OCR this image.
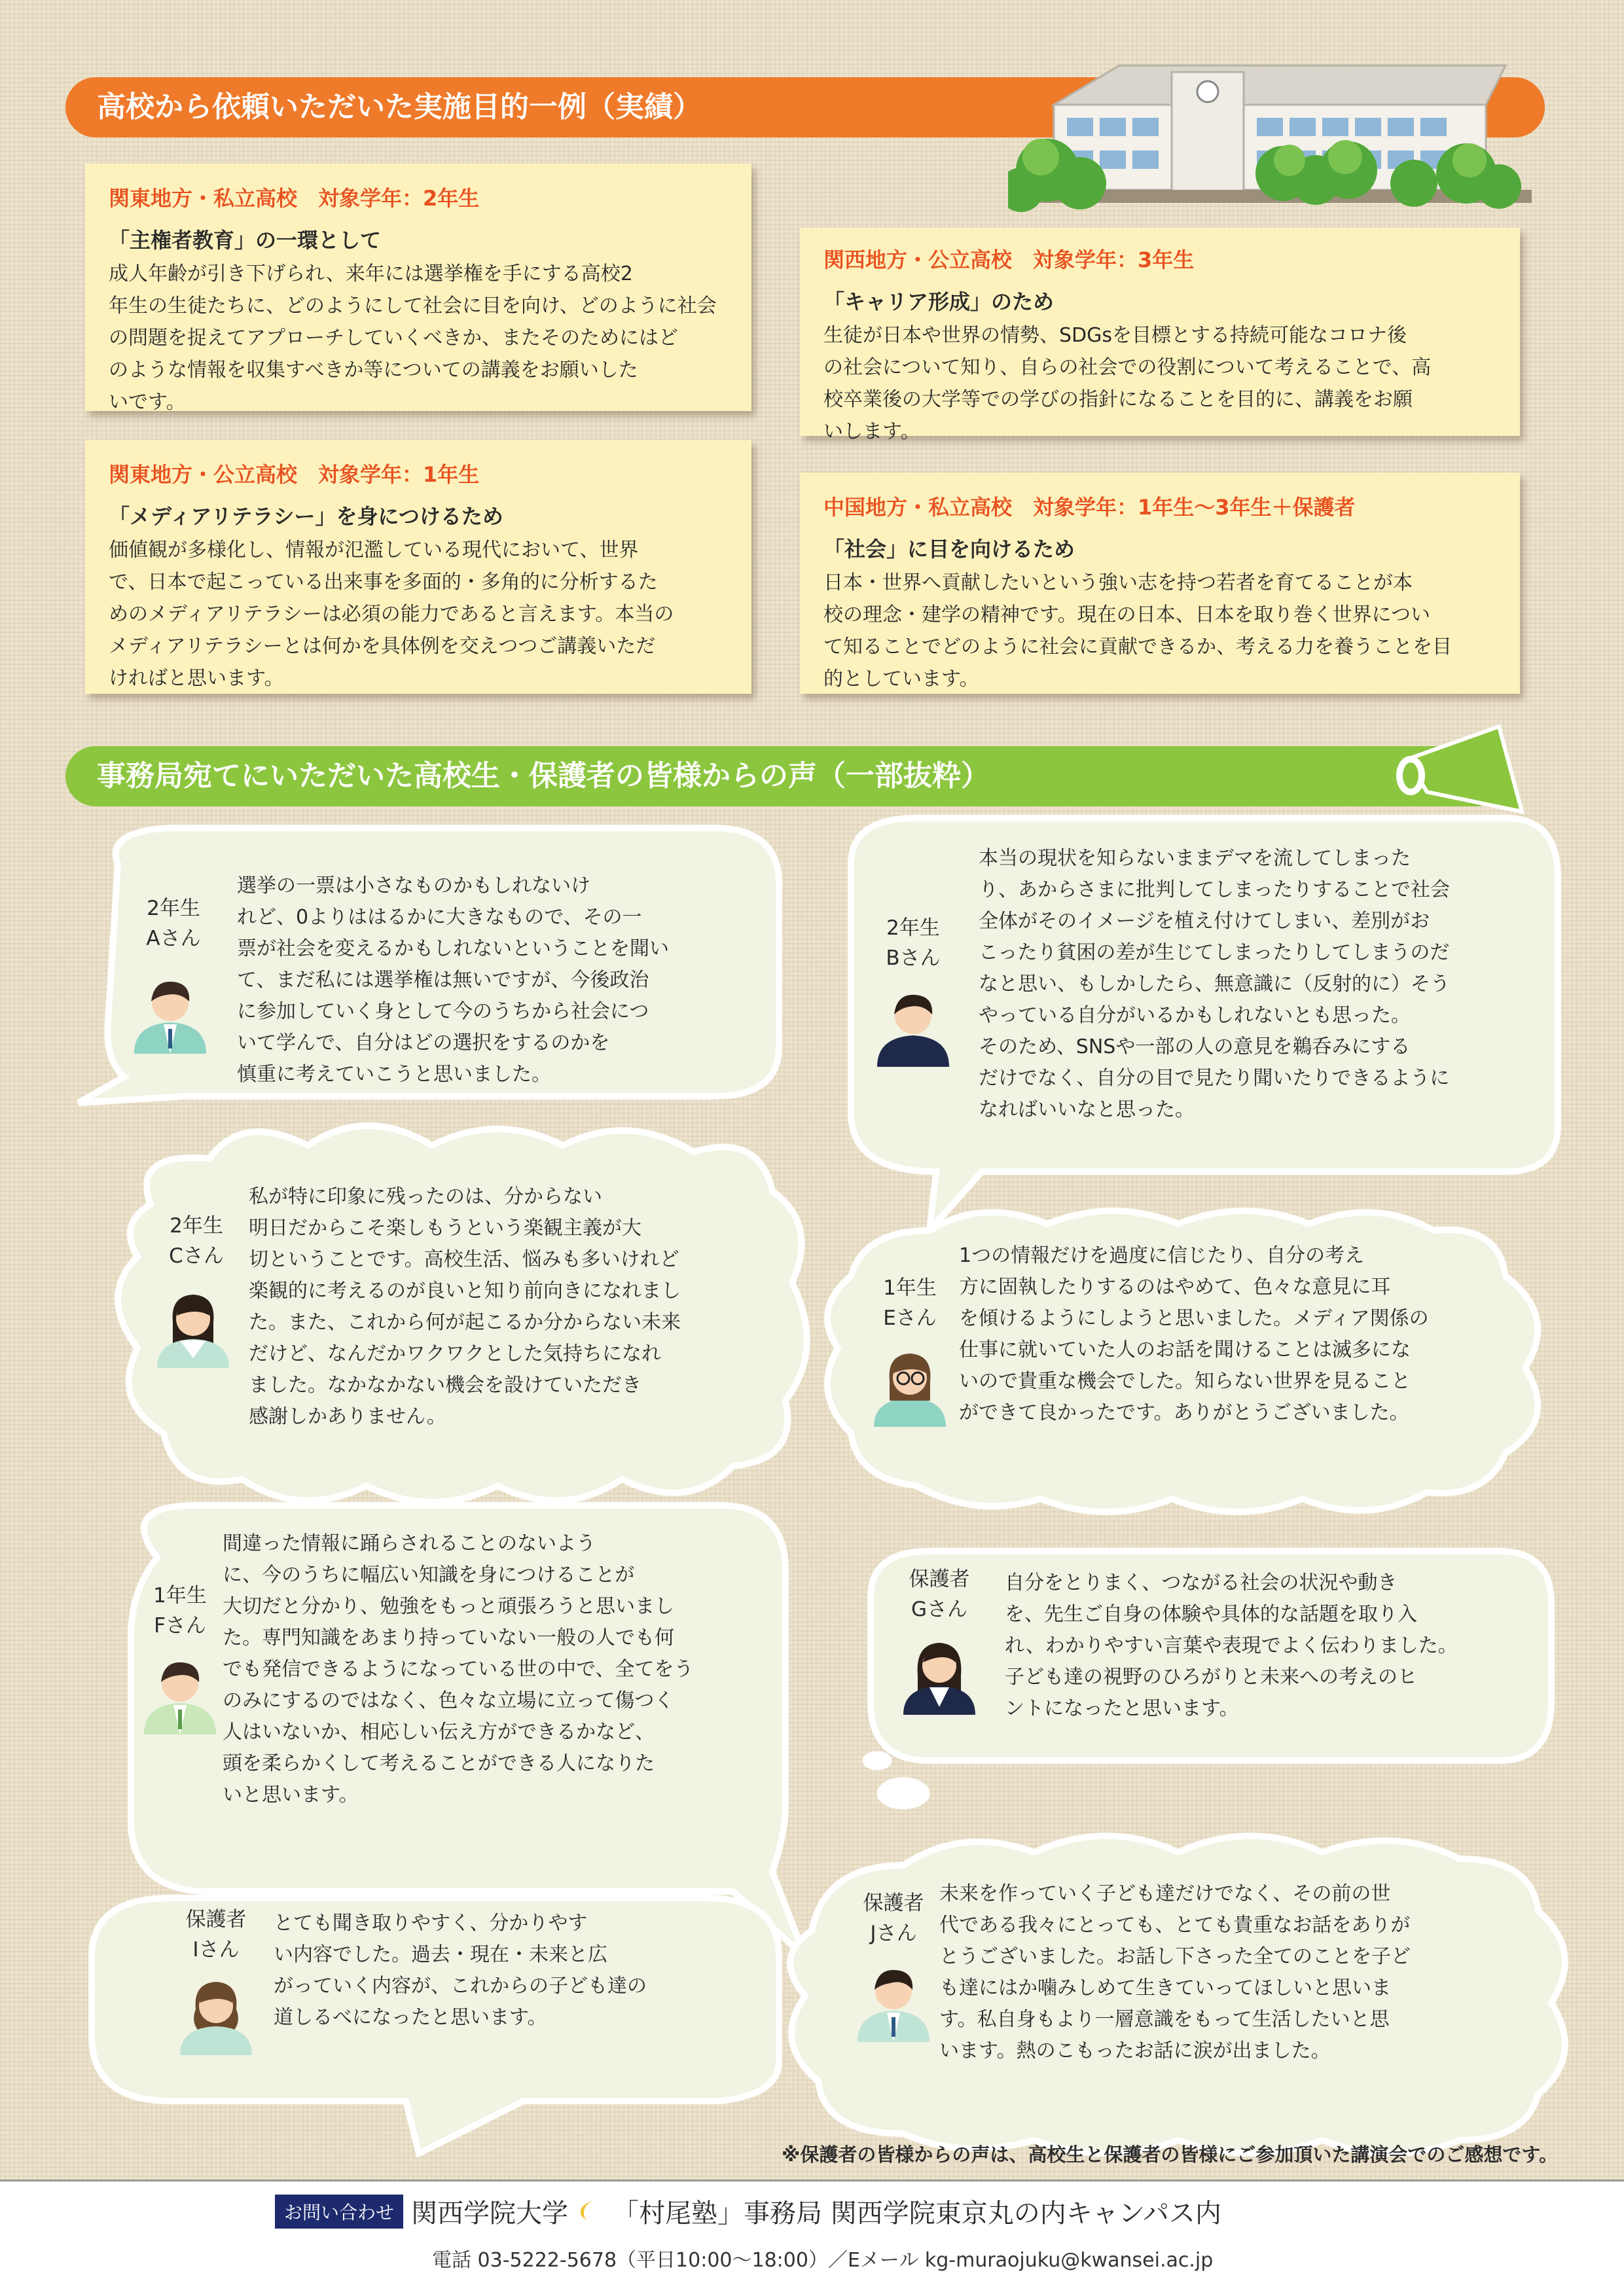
高校から依頼いただいた実施目的一例（実績）
関東地方・私立高校　対象学年：2年生
「主権者教育」の一環として
成人年齢が引き下げられ、来年には選挙権を手にする高校2
年生の生徒たちに、どのようにして社会に目を向け、どのように社会
の問題を捉えてアプローチしていくべきか、またそのためにはど
のような情報を収集すべきか等についての講義をお願いした
いです。
関西地方・公立高校　対象学年：3年生
「キャリア形成」のため
生徒が日本や世界の情勢、SDGsを目標とする持続可能なコロナ後
の社会について知り、自らの社会での役割について考えることで、高
校卒業後の大学等での学びの指針になることを目的に、講義をお願
いします。
関東地方・公立高校　対象学年：1年生
「メディアリテラシー」を身につけるため
価値観が多様化し、情報が氾濫している現代において、世界
で、日本で起こっている出来事を多面的・多角的に分析するた
めのメディアリテラシーは必須の能力であると言えます。本当の
メディアリテラシーとは何かを具体例を交えつつご講義いただ
ければと思います。
中国地方・私立高校　対象学年：1年生～3年生＋保護者
「社会」に目を向けるため
日本・世界へ貢献したいという強い志を持つ若者を育てることが本
校の理念・建学の精神です。現在の日本、日本を取り巻く世界につい
て知ることでどのように社会に貢献できるか、考える力を養うことを目
的としています。
事務局宛てにいただいた高校生・保護者の皆様からの声（一部抜粋）
2年生
Aさん	2年生
Bさん
2年生
Cさん
1年生
Eさん
1年生
Fさん
保護者
Gさん
保護者
Iさん
保護者
Jさん
選挙の一票は小さなものかもしれないけ
れど、0よりははるかに大きなもので、その一
票が社会を変えるかもしれないということを聞い
て、まだ私には選挙権は無いですが、今後政治
に参加していく身として今のうちから社会につ
いて学んで、自分はどの選択をするのかを
慎重に考えていこうと思いました。
本当の現状を知らないままデマを流してしまった
り、あからさまに批判してしまったりすることで社会
全体がそのイメージを植え付けてしまい、差別がお
こったり貧困の差が生じてしまったりしてしまうのだ
なと思い、もしかしたら、無意識に（反射的に）そう
やっている自分がいるかもしれないとも思った。
そのため、SNSや一部の人の意見を鵜呑みにする
だけでなく、自分の目で見たり聞いたりできるように
なればいいなと思った。
私が特に印象に残ったのは、分からない
明日だからこそ楽しもうという楽観主義が大
切ということです。高校生活、悩みも多いけれど
楽観的に考えるのが良いと知り前向きになれまし
た。また、これから何が起こるか分からない未来
だけど、なんだかワクワクとした気持ちになれ
ました。なかなかない機会を設けていただき
感謝しかありません。
1つの情報だけを過度に信じたり、自分の考え
方に固執したりするのはやめて、色々な意見に耳
を傾けるようにしようと思いました。メディア関係の
仕事に就いていた人のお話を聞けることは滅多にな
いので貴重な機会でした。知らない世界を見ること
ができて良かったです。ありがとうございました。
間違った情報に踊らされることのないよう
に、今のうちに幅広い知識を身につけることが
大切だと分かり、勉強をもっと頑張ろうと思いまし
た。専門知識をあまり持っていない一般の人でも何
でも発信できるようになっている世の中で、全てをう
のみにするのではなく、色々な立場に立って傷つく
人はいないか、相応しい伝え方ができるかなど、
頭を柔らかくして考えることができる人になりた
いと思います。
自分をとりまく、つながる社会の状況や動き
を、先生ご自身の体験や具体的な話題を取り入
れ、わかりやすい言葉や表現でよく伝わりました。
子ども達の視野のひろがりと未来への考えのヒ
ントになったと思います。
とても聞き取りやすく、分かりやす
い内容でした。過去・現在・未来と広
がっていく内容が、これからの子ども達の
道しるべになったと思います。
未来を作っていく子ども達だけでなく、その前の世
代である我々にとっても、とても貴重なお話をありが
とうございました。お話し下さった全てのことを子ど
も達にはか噛みしめて生きていってほしいと思いま
す。私自身もより一層意識をもって生活したいと思
います。熱のこもったお話に涙が出ました。
※保護者の皆様からの声は、高校生と保護者の皆様にご参加頂いた講演会でのご感想です。
お問い合わせ 関西学院大学 「村尾塾」事務局 関西学院東京丸の内キャンパス内
電話 03-5222-5678（平日10:00～18:00）／Eメール kg-muraojuku@kwansei.ac.jp
